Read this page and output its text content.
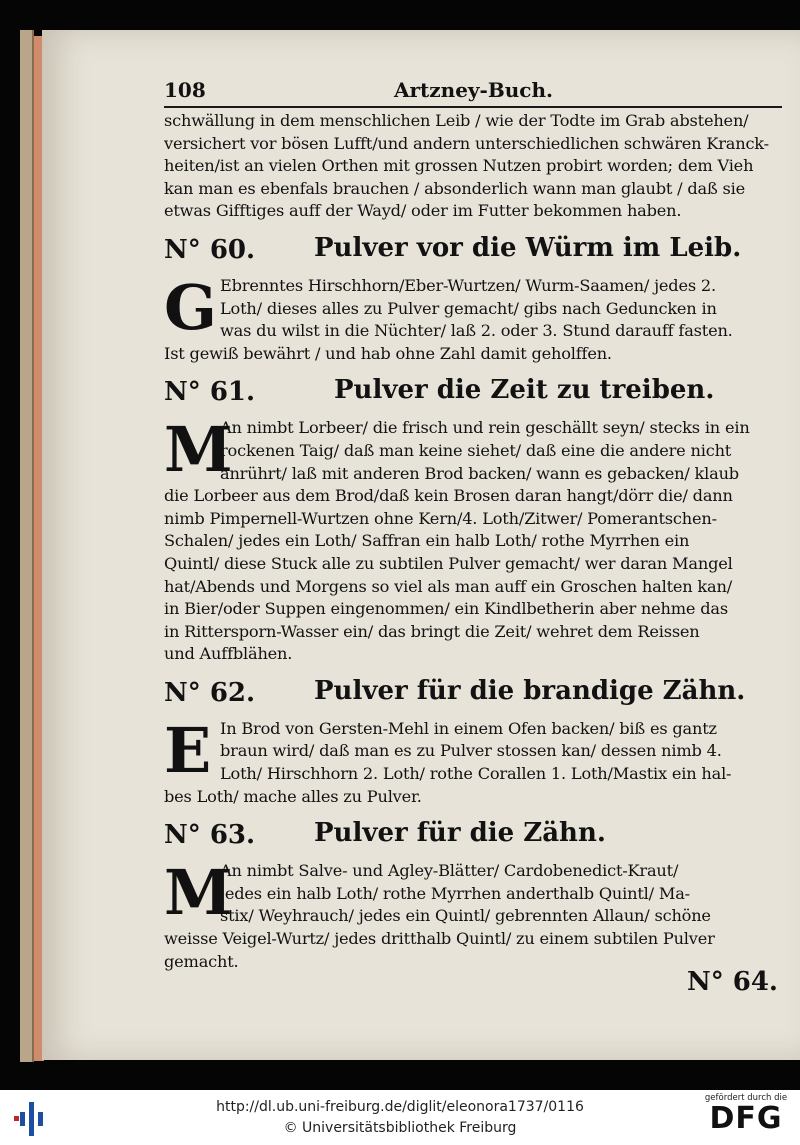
108	Artzney-Buch.
schwällung in dem menschlichen Leib / wie der Todte im Grab abstehen/
versichert vor bösen Lufft/und andern unterschiedlichen schwären Kranck-
heiten/ist an vielen Orthen mit grossen Nutzen probirt worden; dem Vieh
kan man es ebenfals brauchen / absonderlich wann man glaubt / daß sie
etwas Gifftiges auff der Wayd/ oder im Futter bekommen haben.
N° 60. Pulver vor die Würm im Leib.
G Ebrenntes Hirschhorn/Eber-Wurtzen/ Wurm-Saamen/ jedes 2.
Loth/ dieses alles zu Pulver gemacht/ gibs nach Geduncken in
was du wilst in die Nüchter/ laß 2. oder 3. Stund darauff fasten.
Ist gewiß bewährt / und hab ohne Zahl damit geholffen.
N° 61.	Pulver die Zeit zu treiben.
M
An nimbt Lorbeer/ die frisch und rein geschällt seyn/ stecks in ein
rockenen Taig/ daß man keine siehet/ daß eine die andere nicht
anrührt/ laß mit anderen Brod backen/ wann es gebacken/ klaub
die Lorbeer aus dem Brod/daß kein Brosen daran hangt/dörr die/ dann
nimb Pimpernell-Wurtzen ohne Kern/4. Loth/Zitwer/ Pomerantschen-
Schalen/ jedes ein Loth/ Saffran ein halb Loth/ rothe Myrrhen ein
Quintl/ diese Stuck alle zu subtilen Pulver gemacht/ wer daran Mangel
hat/Abends und Morgens so viel als man auff ein Groschen halten kan/
in Bier/oder Suppen eingenommen/ ein Kindlbetherin aber nehme das
in Rittersporn-Wasser ein/ das bringt die Zeit/ wehret dem Reissen
und Auffblähen.
N° 62. Pulver für die brandige Zähn.
E In Brod von Gersten-Mehl in einem Ofen backen/ biß es gantz
braun wird/ daß man es zu Pulver stossen kan/ dessen nimb 4.
Loth/ Hirschhorn 2. Loth/ rothe Corallen 1. Loth/Mastix ein hal-
bes Loth/ mache alles zu Pulver.
N° 63. Pulver für die Zähn.
M
An nimbt Salve- und Agley-Blätter/ Cardobenedict-Kraut/
jedes ein halb Loth/ rothe Myrrhen anderthalb Quintl/ Ma-
stix/ Weyhrauch/ jedes ein Quintl/ gebrennten Allaun/ schöne
weisse Veigel-Wurtz/ jedes dritthalb Quintl/ zu einem subtilen Pulver
gemacht.
N° 64.
http://dl.ub.uni-freiburg.de/diglit/eleonora1737/0116
© Universitätsbibliothek Freiburg
gefördert durch die
DFG
